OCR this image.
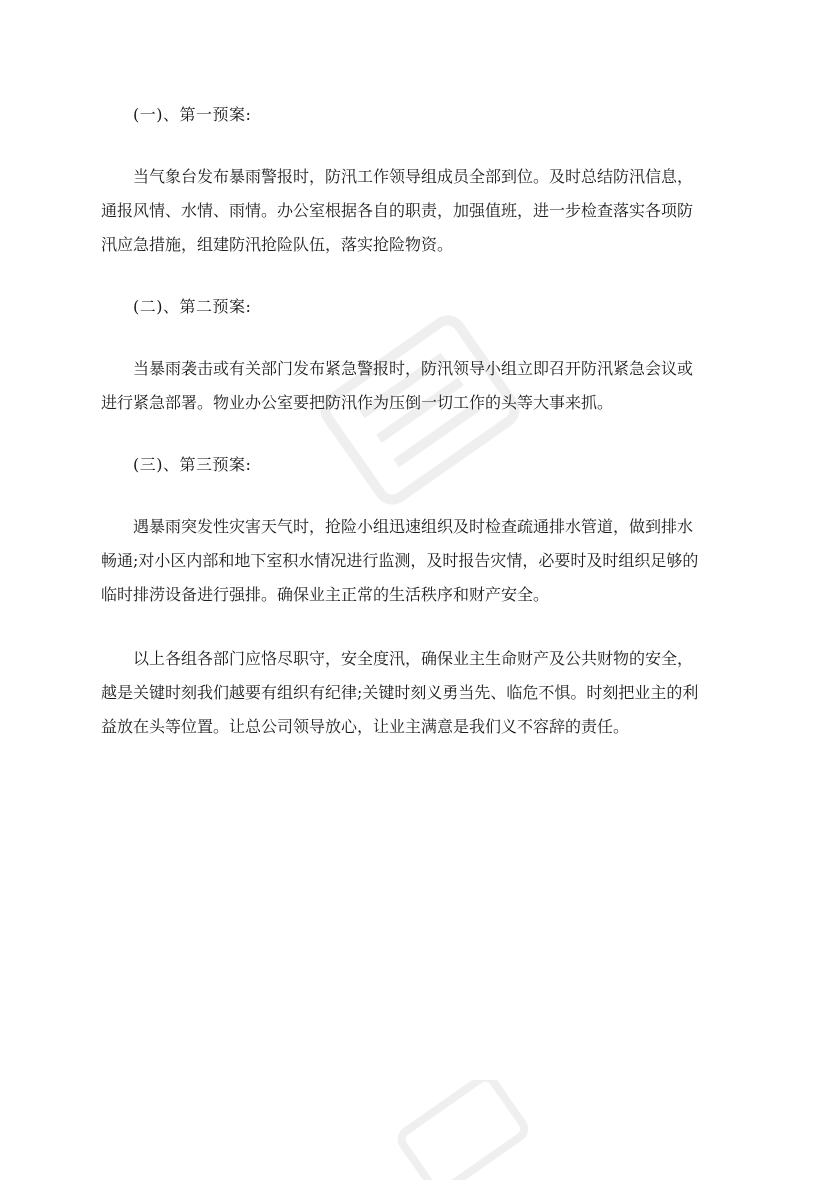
(一)、第一预案:
当气象台发布暴雨警报时，防汛工作领导组成员全部到位。及时总结防汛信息，
通报风情、水情、雨情。办公室根据各自的职责，加强值班，进一步检查落实各项防
汛应急措施，组建防汛抢险队伍，落实抢险物资。
(二)、第二预案:
当暴雨袭击或有关部门发布紧急警报时，防汛领导小组立即召开防汛紧急会议或
进行紧急部署。物业办公室要把防汛作为压倒一切工作的头等大事来抓。
(三)、第三预案:
遇暴雨突发性灾害天气时，抢险小组迅速组织及时检查疏通排水管道，做到排水
畅通;对小区内部和地下室积水情况进行监测，及时报告灾情，必要时及时组织足够的
临时排涝设备进行强排。确保业主正常的生活秩序和财产安全。
以上各组各部门应恪尽职守，安全度汛，确保业主生命财产及公共财物的安全，
越是关键时刻我们越要有组织有纪律;关键时刻义勇当先、临危不惧。时刻把业主的利
益放在头等位置。让总公司领导放心，让业主满意是我们义不容辞的责任。
